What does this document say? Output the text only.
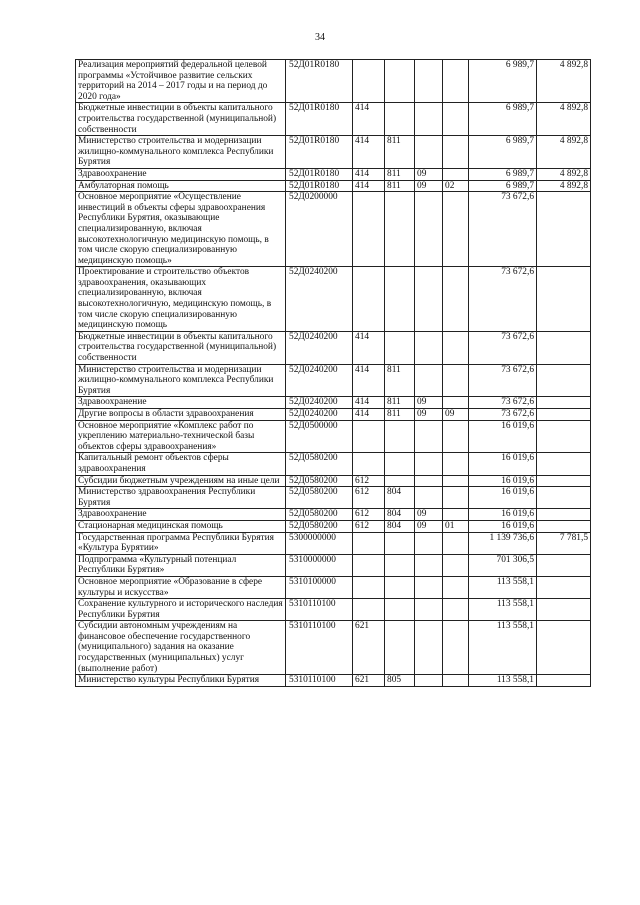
34
Реализация мероприятий федеральной целевой программы «Устойчивое развитие сельских территорий на 2014 – 2017 годы и на период до 2020 года»	52Д01R0180					6 989,7	4 892,8
Бюджетные инвестиции в объекты капитального строительства государственной (муниципальной) собственности	52Д01R0180	414				6 989,7	4 892,8
Министерство строительства и модернизации жилищно-коммунального комплекса Республики Бурятия	52Д01R0180	414	811			6 989,7	4 892,8
Здравоохранение	52Д01R0180	414	811	09		6 989,7	4 892,8
Амбулаторная помощь	52Д01R0180	414	811	09	02	6 989,7	4 892,8
Основное мероприятие «Осуществление инвестиций в объекты сферы здравоохранения Республики Бурятия, оказывающие специализированную, включая высокотехнологичную медицинскую помощь, в том числе скорую специализированную медицинскую помощь»	52Д0200000					73 672,6	
Проектирование и строительство объектов здравоохранения, оказывающих специализированную, включая высокотехнологичную, медицинскую помощь, в том числе скорую специализированную медицинскую помощь	52Д0240200					73 672,6	
Бюджетные инвестиции в объекты капитального строительства государственной (муниципальной) собственности	52Д0240200	414				73 672,6	
Министерство строительства и модернизации жилищно-коммунального комплекса Республики Бурятия	52Д0240200	414	811			73 672,6	
Здравоохранение	52Д0240200	414	811	09		73 672,6	
Другие вопросы в области здравоохранения	52Д0240200	414	811	09	09	73 672,6	
Основное мероприятие «Комплекс работ по укреплению материально-технической базы объектов сферы здравоохранения»	52Д0500000					16 019,6	
Капитальный ремонт объектов сферы здравоохранения	52Д0580200					16 019,6	
Субсидии бюджетным учреждениям на иные цели	52Д0580200	612				16 019,6	
Министерство здравоохранения Республики Бурятия	52Д0580200	612	804			16 019,6	
Здравоохранение	52Д0580200	612	804	09		16 019,6	
Стационарная медицинская помощь	52Д0580200	612	804	09	01	16 019,6	
Государственная программа Республики Бурятия «Культура Бурятии»	5300000000					1 139 736,6	7 781,5
Подпрограмма «Культурный потенциал Республики Бурятия»	5310000000					701 306,5	
Основное мероприятие «Образование в сфере культуры и искусства»	5310100000					113 558,1	
Сохранение культурного и исторического наследия Республики Бурятия	5310110100					113 558,1	
Субсидии автономным учреждениям на финансовое обеспечение государственного (муниципального) задания на оказание государственных (муниципальных) услуг (выполнение работ)	5310110100	621				113 558,1	
Министерство культуры Республики Бурятия	5310110100	621	805			113 558,1	
